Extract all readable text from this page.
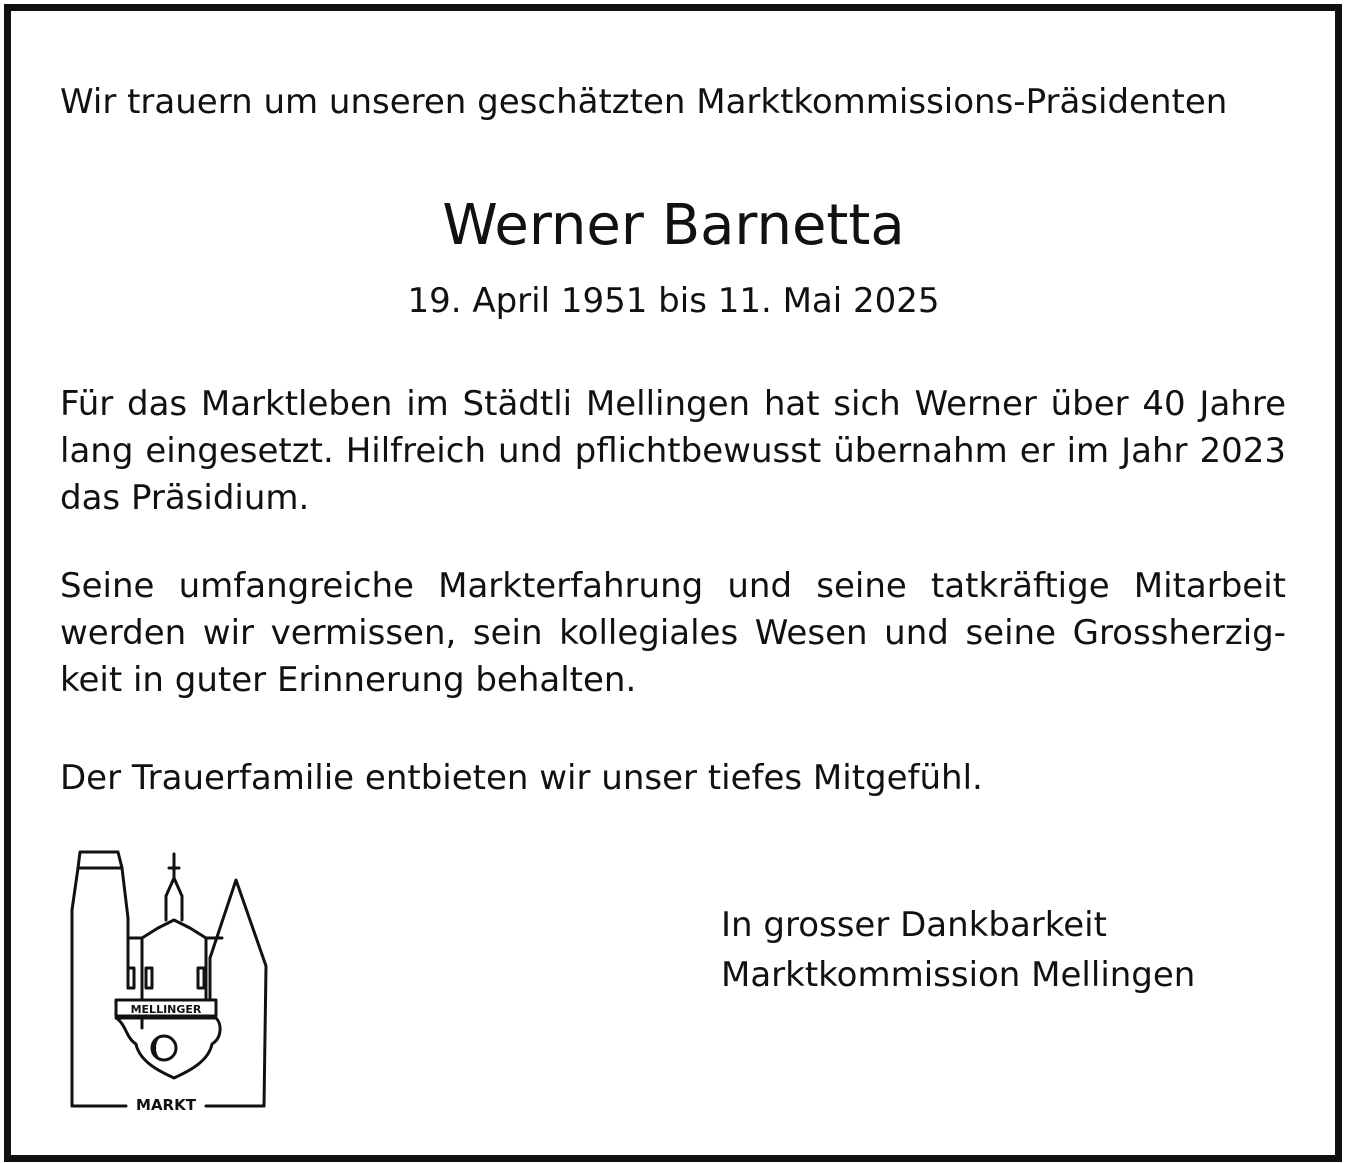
Wir trauern um unseren geschätzten Marktkommissions-Präsidenten
Werner Barnetta
19. April 1951 bis 11. Mai 2025

Für das Marktleben im Städtli Mellingen hat sich Werner über 40 Jahre lang eingesetzt. Hilfreich und pflichtbewusst übernahm er im Jahr 2023 das Präsidium.

Seine umfangreiche Markterfahrung und seine tatkräftige Mitarbeit werden wir vermissen, sein kollegiales Wesen und seine Grossherzig-keit in guter Erinnerung behalten.

Der Trauerfamilie entbieten wir unser tiefes Mitgefühl.

In grosser Dankbarkeit
Marktkommission Mellingen
MELLINGER
MARKT
